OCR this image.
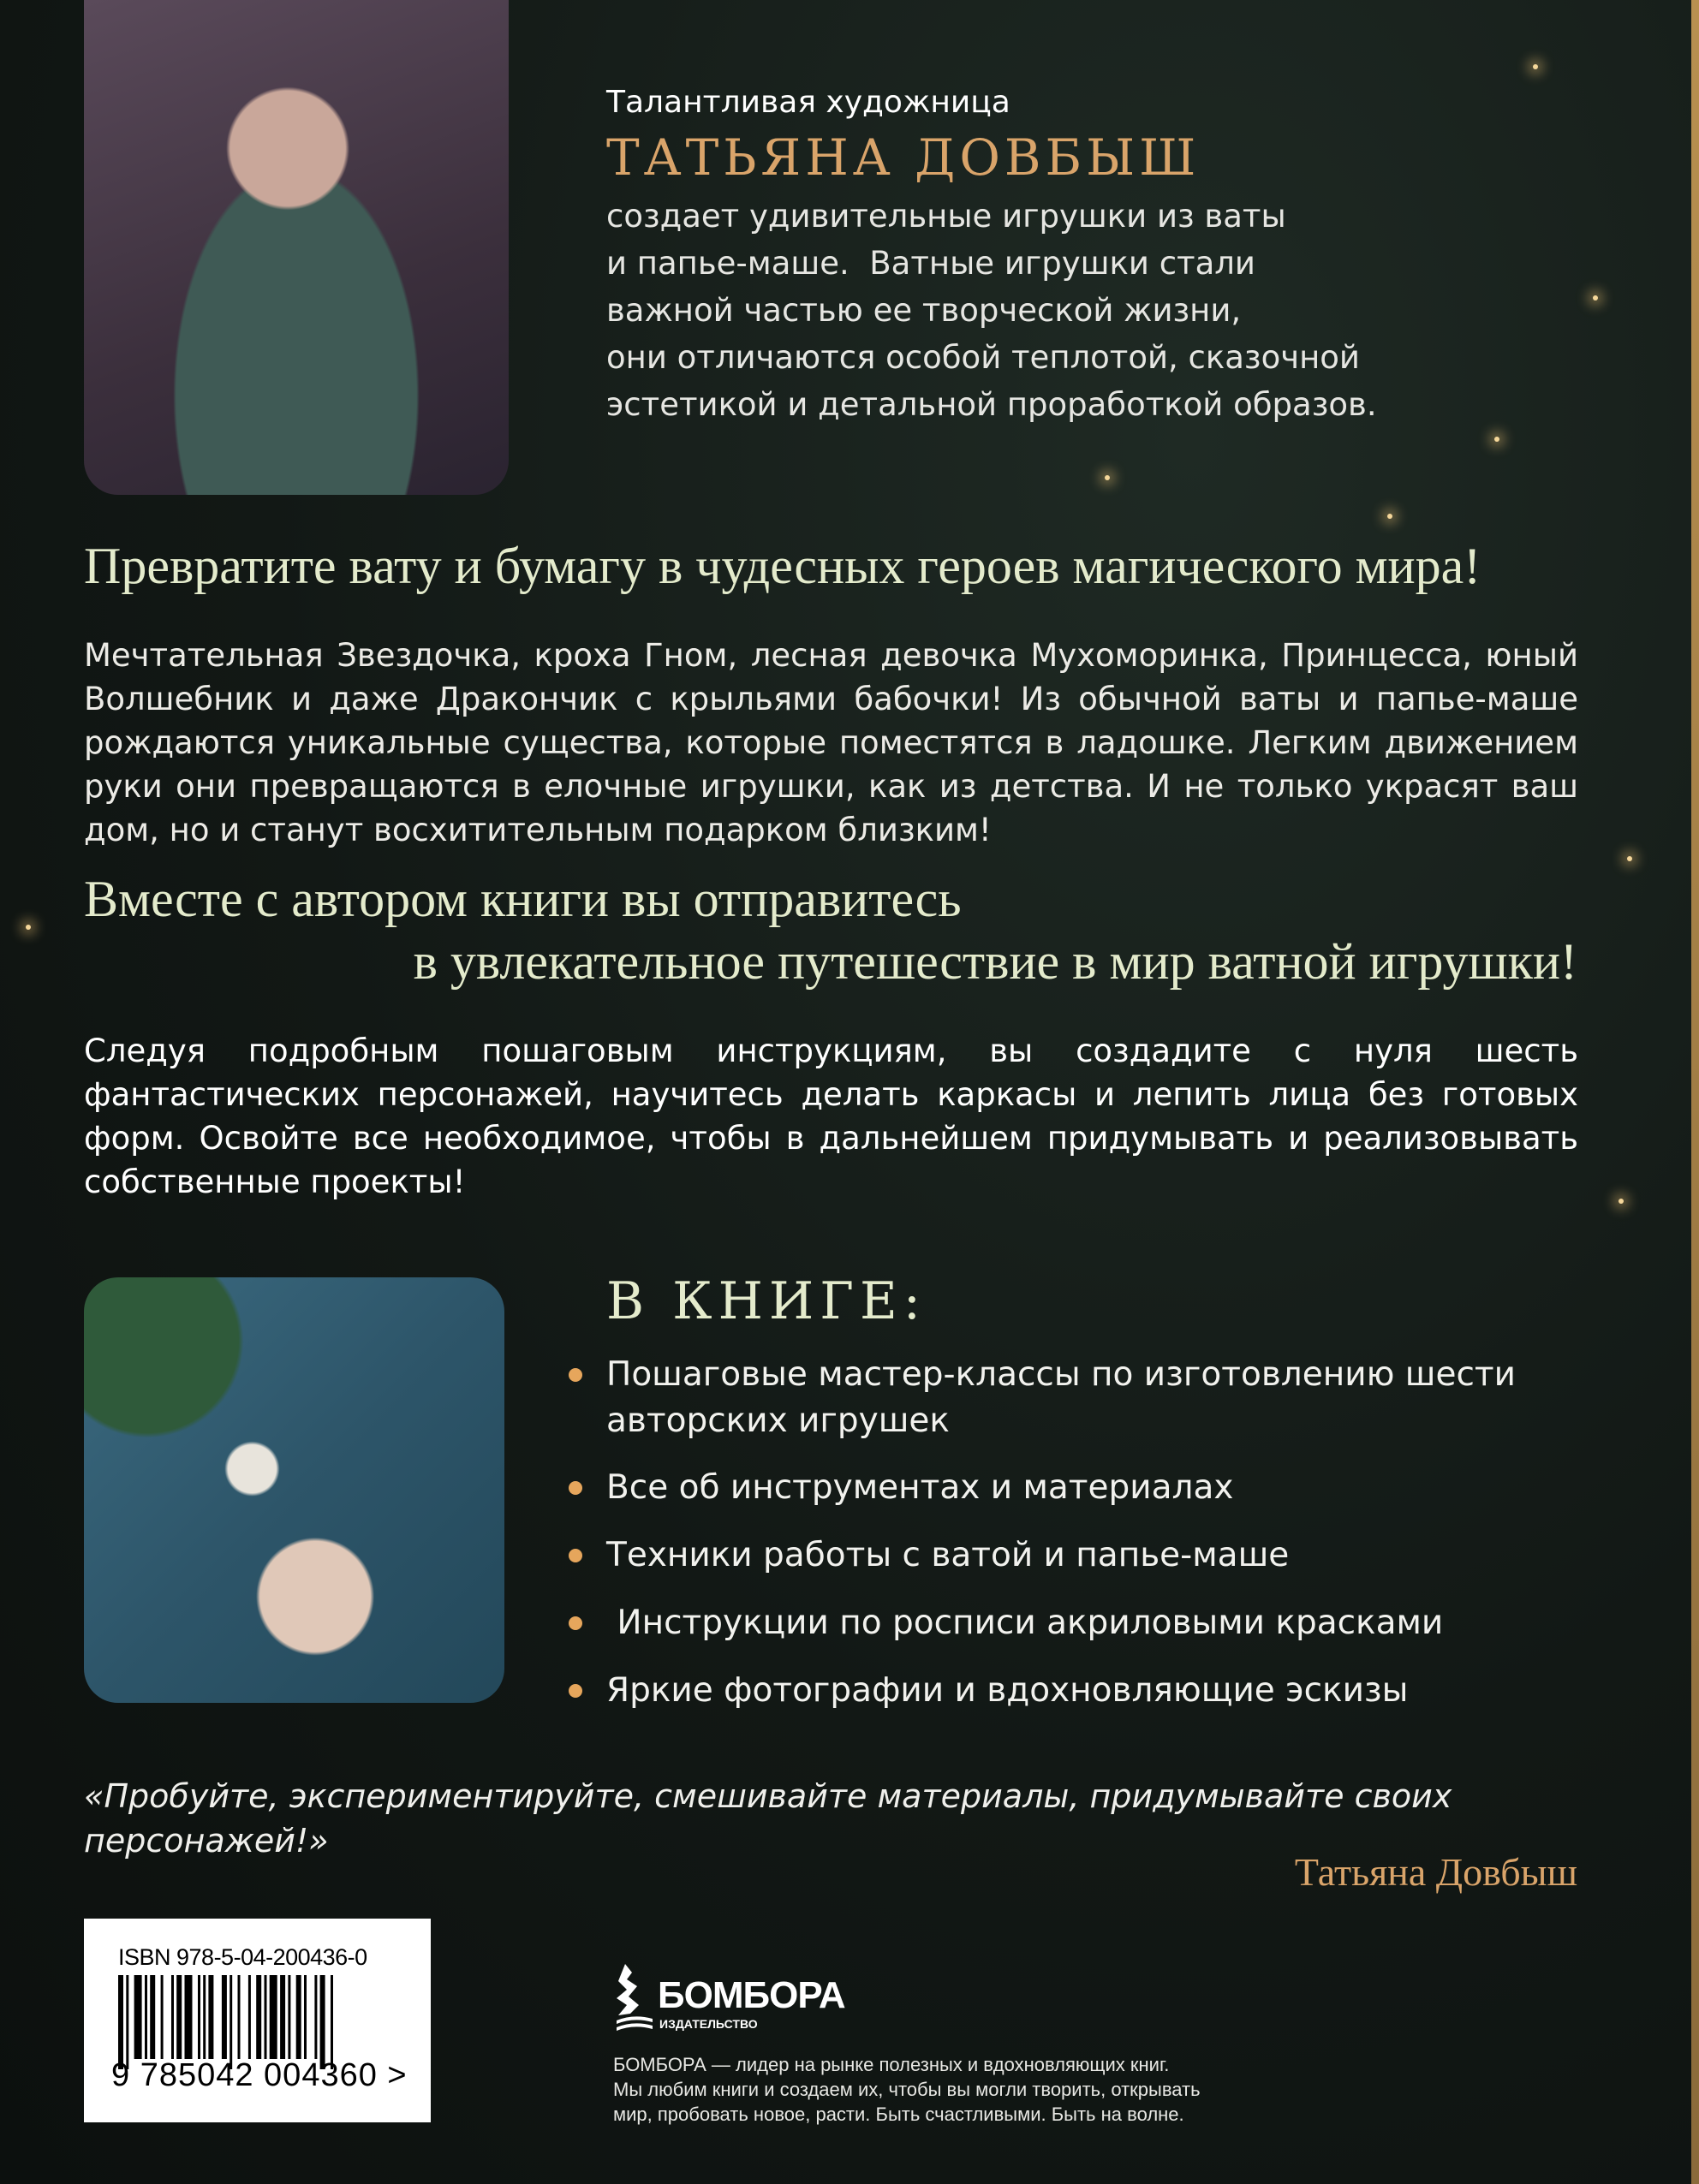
Талантливая художница
ТАТЬЯНА ДОВБЫШ
создает удивительные игрушки из ваты
и папье-маше.  Ватные игрушки стали
важной частью ее творческой жизни,
они отличаются особой теплотой, сказочной
эстетикой и детальной проработкой образов.
Превратите вату и бумагу в чудесных героев магического мира!
Мечтательная Звездочка, кроха Гном, лесная девочка Мухоморинка, Принцесса, юный Волшебник и даже Дракончик с крыльями бабочки! Из обычной ваты и папье-маше рождаются уникальные существа, которые поместятся в ладошке. Легким движением руки они превращаются в елочные игрушки, как из детства. И не только украсят ваш дом, но и станут восхитительным подарком близким!
Вместе с автором книги вы отправитесь
в увлекательное путешествие в мир ватной игрушки!
Следуя подробным пошаговым инструкциям, вы создадите с нуля шесть фантастических персонажей, научитесь делать каркасы и лепить лица без готовых форм. Освойте все необходимое, чтобы в дальнейшем придумывать и реализовывать собственные проекты!
В КНИГЕ:
Пошаговые мастер-классы по изготовлению шести авторских игрушек
Все об инструментах и материалах
Техники работы с ватой и папье-маше
Инструкции по росписи акриловыми красками
Яркие фотографии и вдохновляющие эскизы
«Пробуйте, экспериментируйте, смешивайте материалы, придумывайте своих персонажей!»
Татьяна Довбыш
ISBN 978-5-04-200436-0
9 785042 004360 >
БОМБОРА
ИЗДАТЕЛЬСТВО
БОМБОРА — лидер на рынке полезных и вдохновляющих книг.
Мы любим книги и создаем их, чтобы вы могли творить, открывать
мир, пробовать новое, расти. Быть счастливыми. Быть на волне.
